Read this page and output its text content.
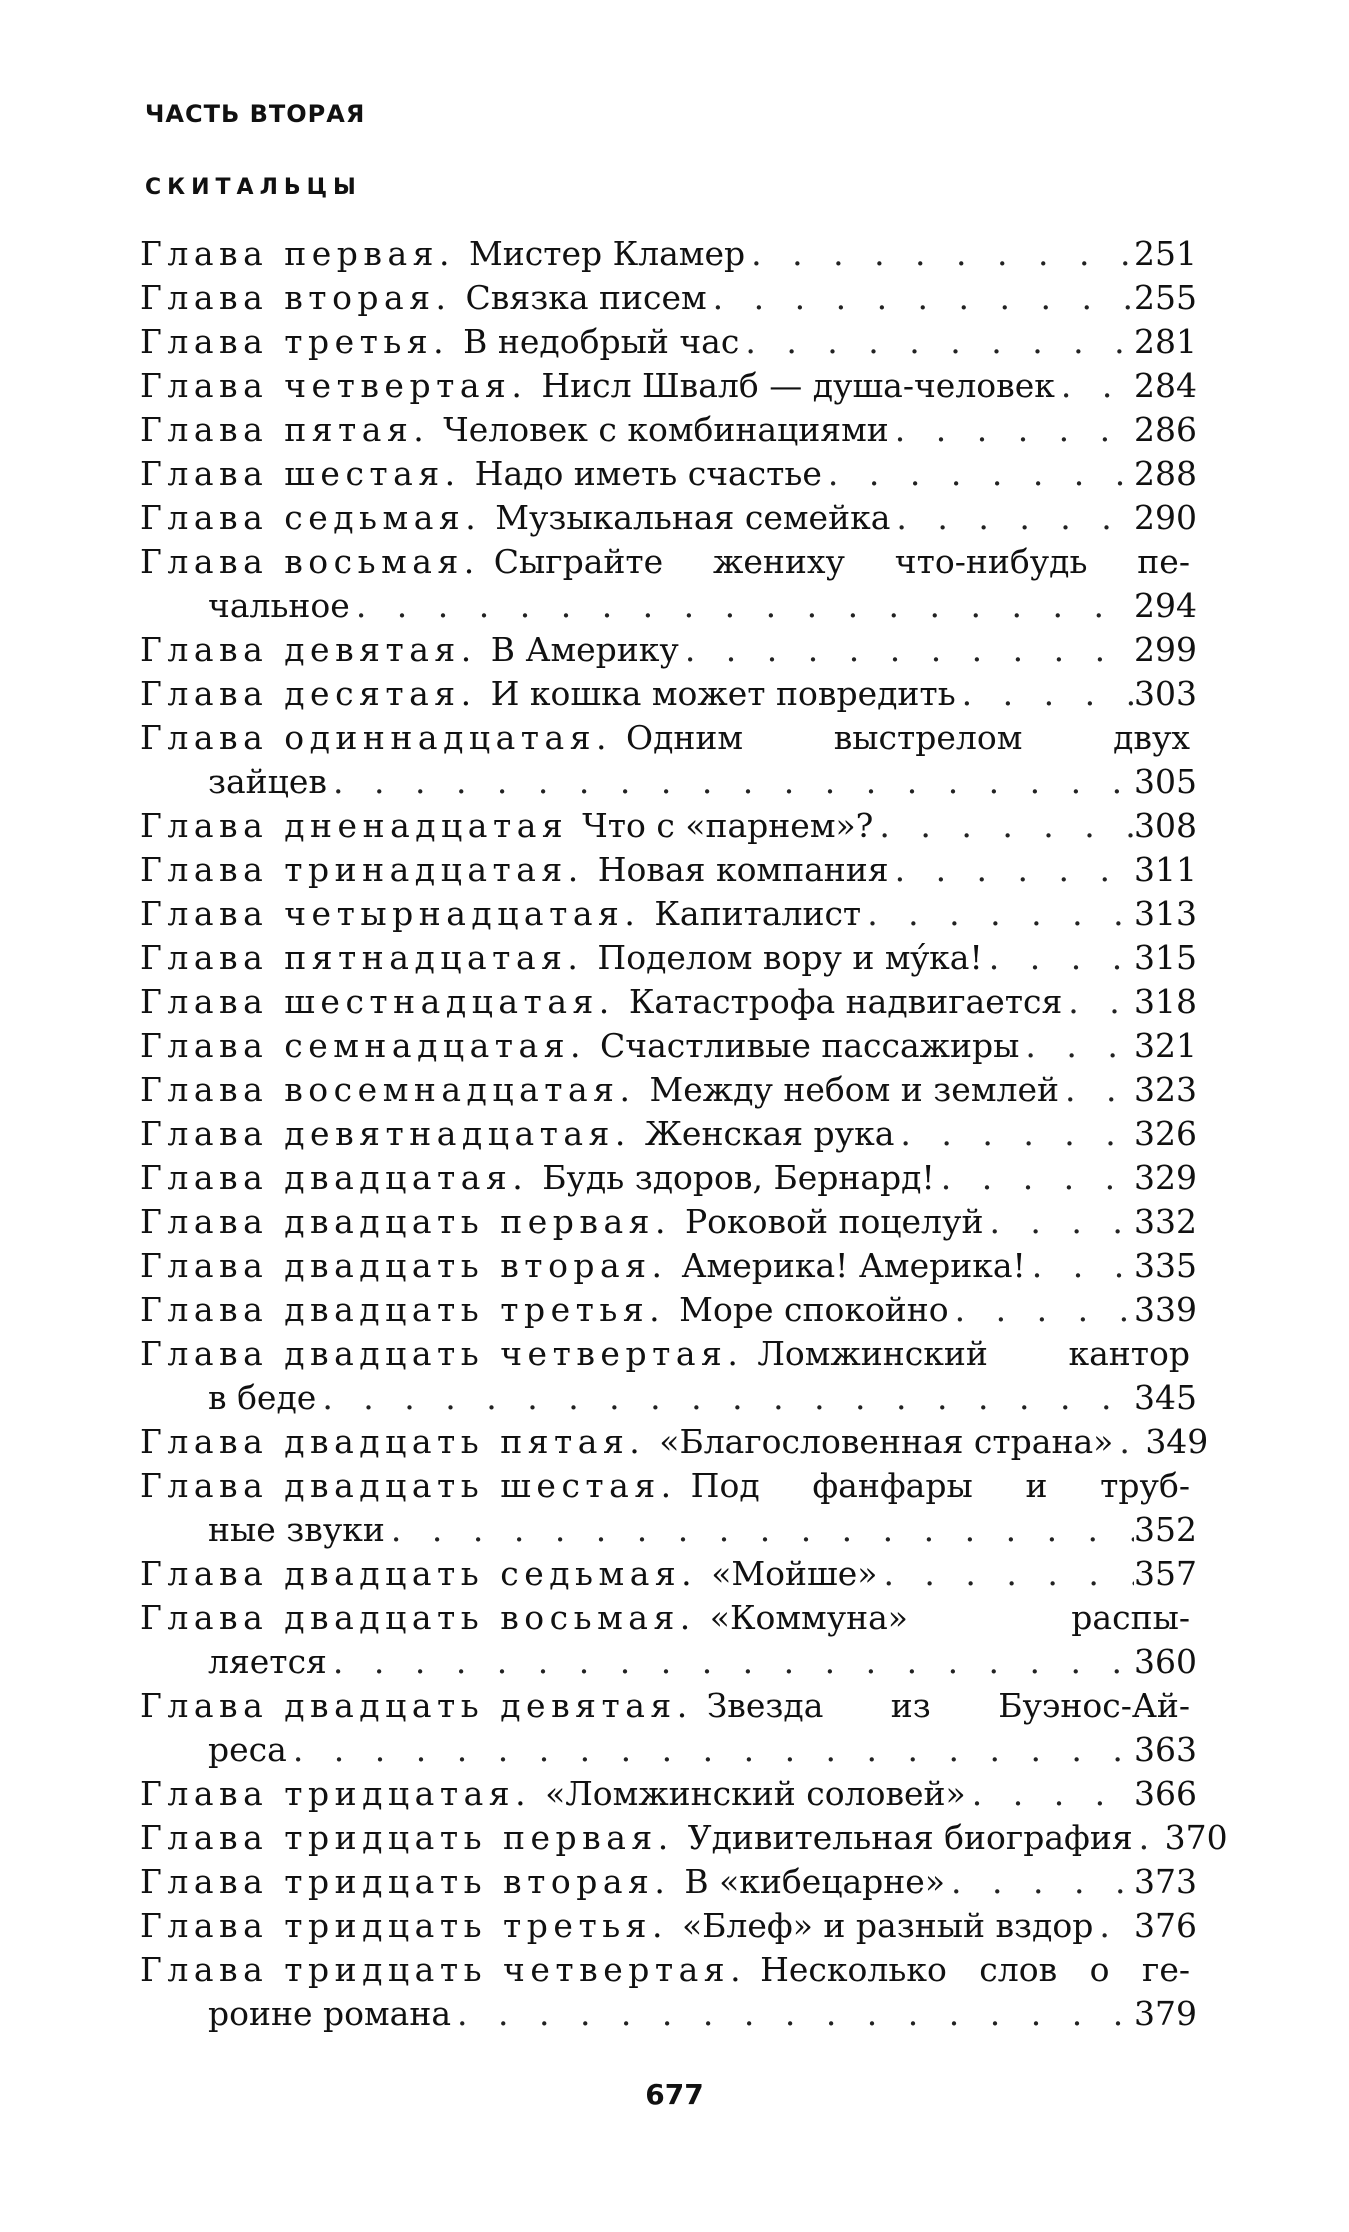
ЧАСТЬ ВТОРАЯ
СКИТАЛЬЦЫ
Глава первая. Мистер Кламер . . .	251
Глава вторая. Связка писем . . .	255
Глава третья. В недобрый час . . .	281
Глава четвертая. Нисл Швалб — душа-человек . . . 284
Глава пятая. Человек с комбинациями . . .	286
Глава шестая. Надо иметь счастье . . .	288
Глава седьмая. Музыкальная семейка . . .	290
Глава восьмая. Сыграйте жениху что-нибудь пе-
чальное . . .	294
Глава девятая. В Америку . . .	299
Глава десятая. И кошка может повредить . . .	303
Глава одиннадцатая. Одним выстрелом двух
зайцев . . .	305
Глава дненадцатая Что с «парнем»? . . .	308
Глава тринадцатая. Новая компания . . .	311
Глава четырнадцатая. Капиталист . . .	313
Глава пятнадцатая. Поделом вору и мýка! . . .	315
Глава шестнадцатая. Катастрофа надвигается . . . 318
Глава семнадцатая. Счастливые пассажиры . . .	321
Глава восемнадцатая. Между небом и землей . . . 323
Глава девятнадцатая. Женская рука . . .	326
Глава двадцатая. Будь здоров, Бернард! . . .	329
Глава двадцать первая. Роковой поцелуй . . .	332
Глава двадцать вторая. Америка! Америка! . . .	335
Глава двадцать третья. Море спокойно . . .	339
Глава двадцать четвертая. Ломжинский кантор
в беде . . .	345
Глава двадцать пятая. «Благословенная страна» . . . 349
Глава двадцать шестая. Под фанфары и труб-
ные звуки . . .	352
Глава двадцать седьмая. «Мойше» . . .	357
Глава двадцать восьмая. «Коммуна» распы-
ляется . . .	360
Глава двадцать девятая. Звезда из Буэнос-Ай-
реса . . .	363
Глава тридцатая. «Ломжинский соловей» . . .	366
Глава тридцать первая. Удивительная биография . . . 370
Глава тридцать вторая. В «кибецарне» . . .	373
Глава тридцать третья. «Блеф» и разный вздор . . . 376
Глава тридцать четвертая. Несколько слов о ге-
роине романа . . .	379
677
